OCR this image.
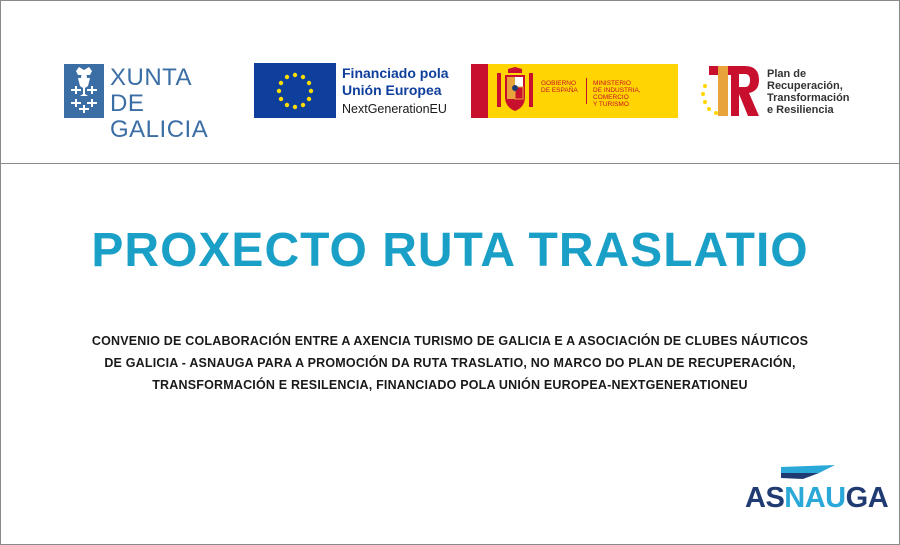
XUNTA
DE GALICIA
Financiado pola
Unión Europea
NextGenerationEU
GOBIERNO
DE ESPAÑA
MINISTERIO
DE INDUSTRIA, COMERCIO
Y TURISMO
Plan de
Recuperación,
Transformación
e Resiliencia
PROXECTO RUTA TRASLATIO
CONVENIO DE COLABORACIÓN ENTRE A AXENCIA TURISMO DE GALICIA E A ASOCIACIÓN DE CLUBES NÁUTICOS
DE GALICIA - ASNAUGA PARA A PROMOCIÓN DA RUTA TRASLATIO, NO MARCO DO PLAN DE RECUPERACIÓN,
TRANSFORMACIÓN E RESILENCIA, FINANCIADO POLA UNIÓN EUROPEA-NEXTGENERATIONEU
ASNAUGA
